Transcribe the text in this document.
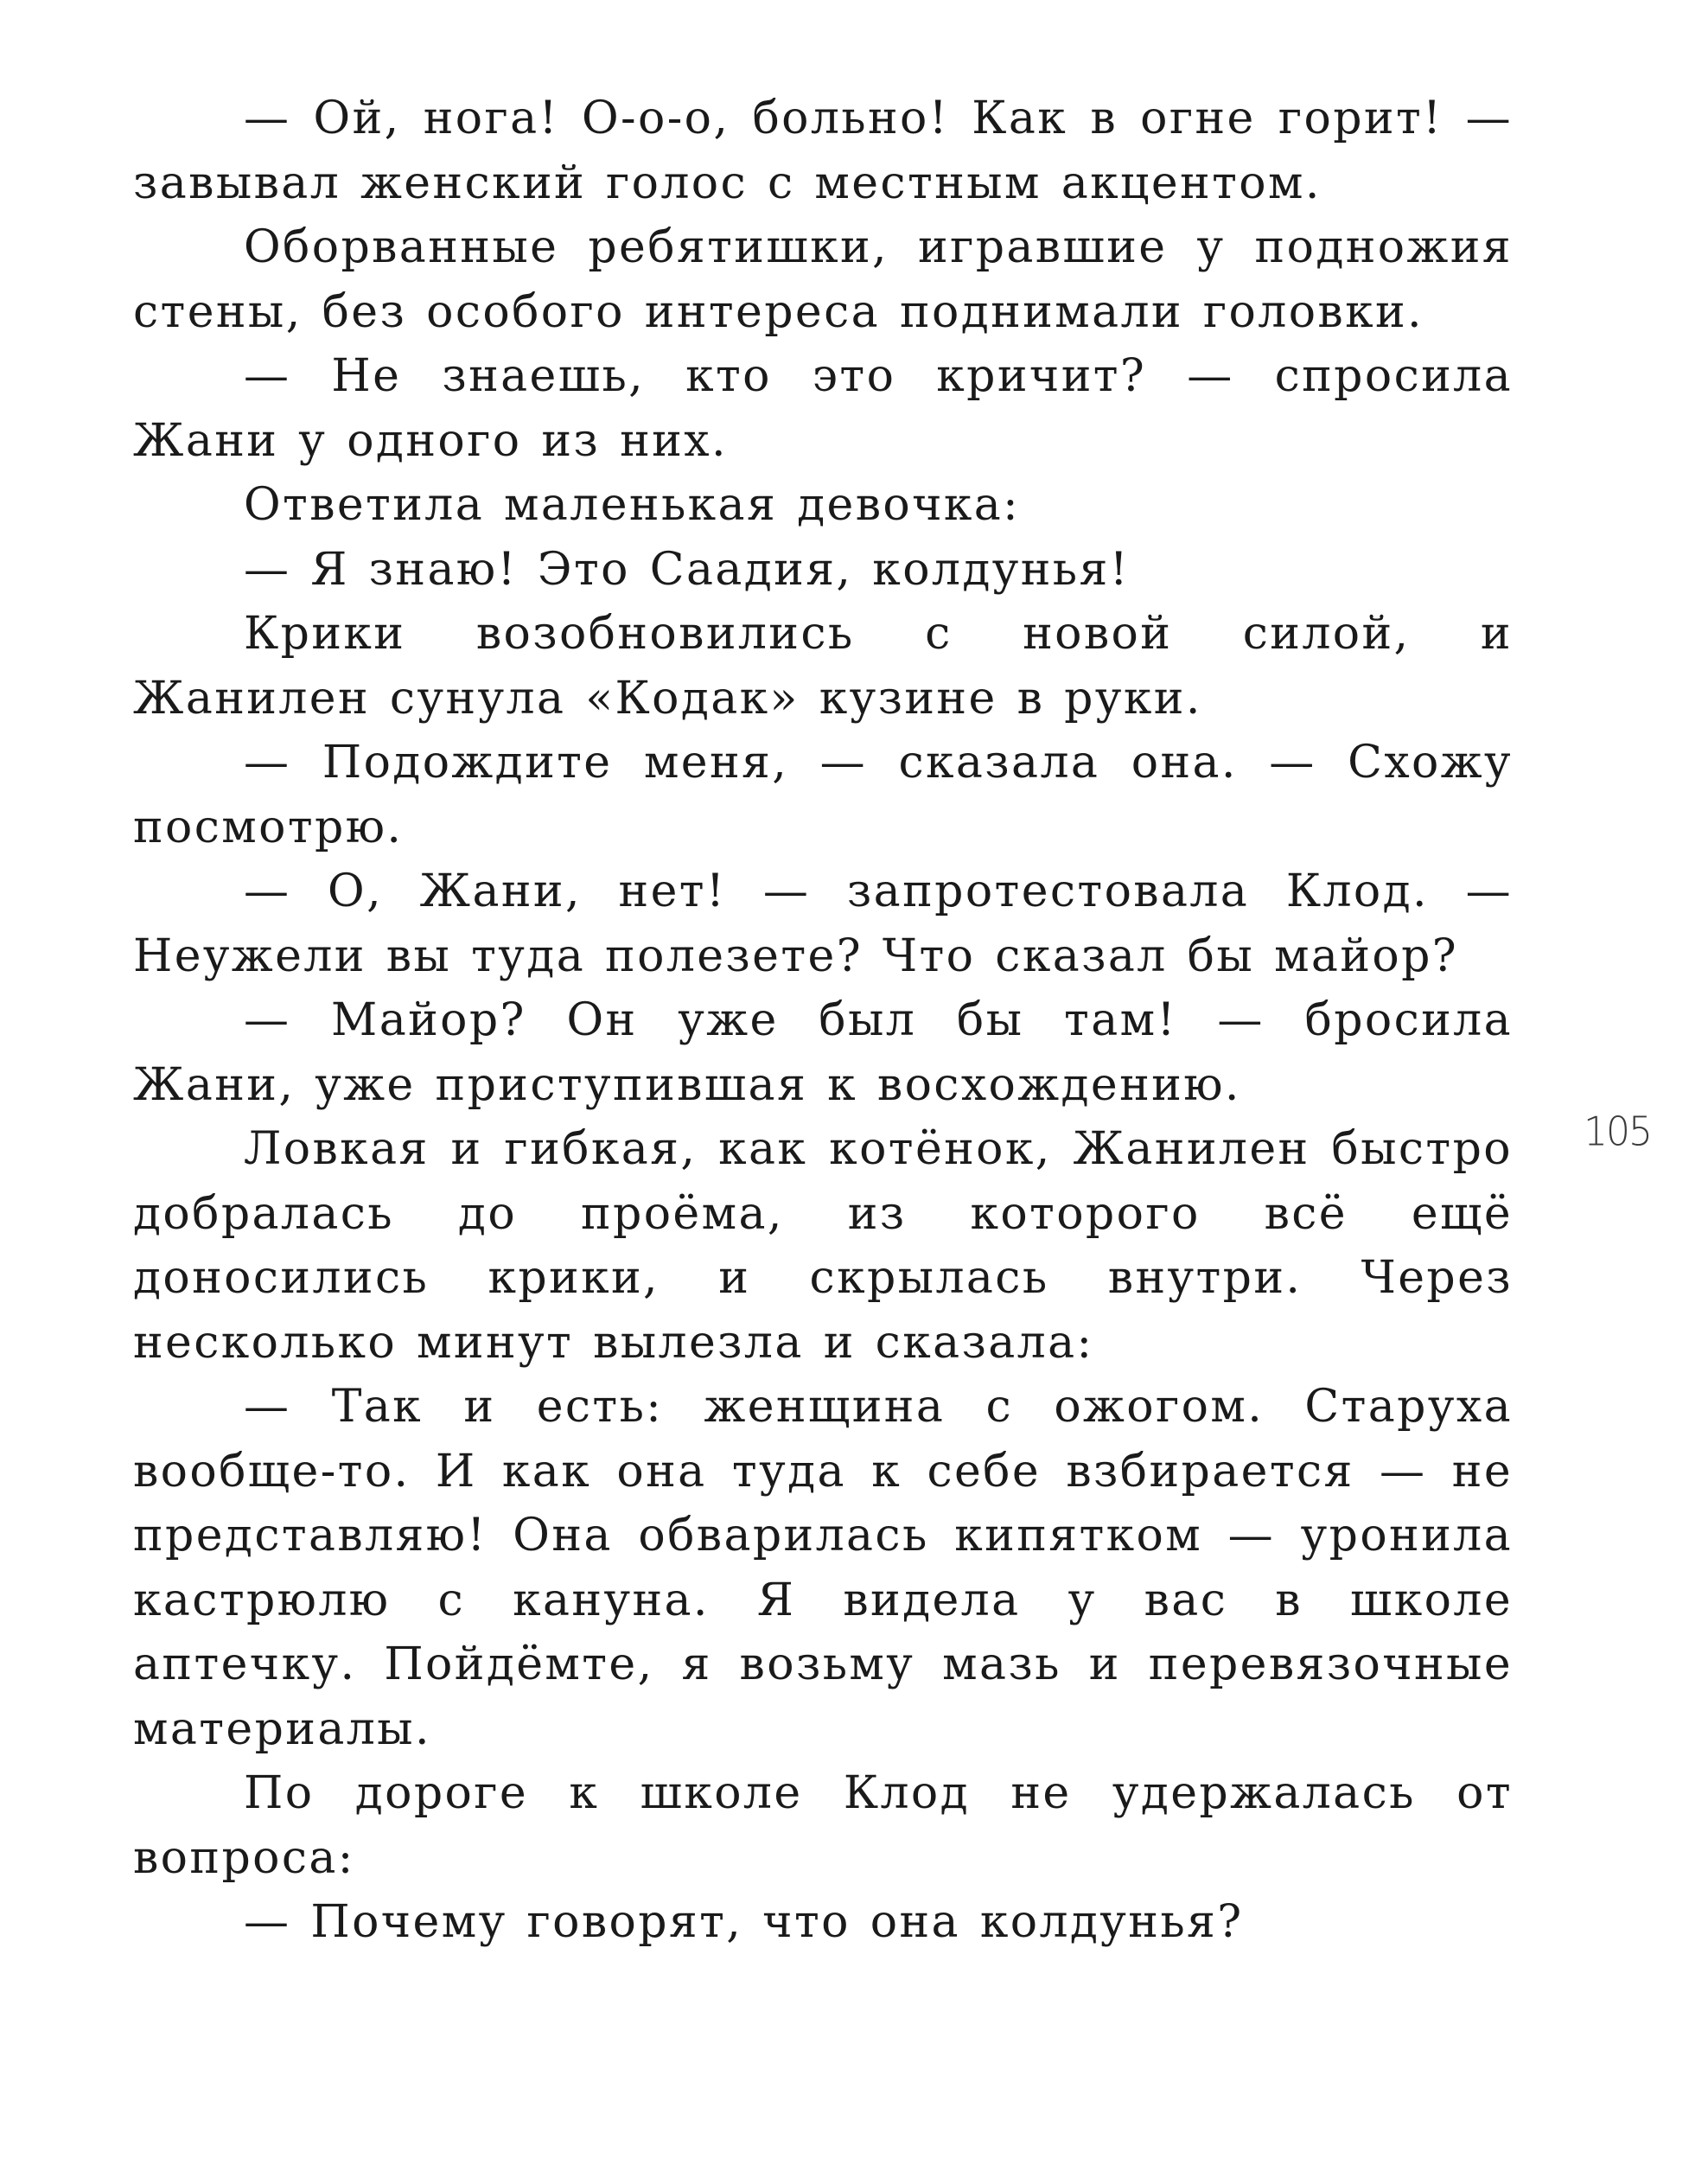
— Ой, нога! О-о-о, больно! Как в огне горит! — завывал женский голос с местным акцентом.

Оборванные ребятишки, игравшие у подножия стены, без особого интереса поднимали головки.

— Не знаешь, кто это кричит? — спросила Жани у одного из них.

Ответила маленькая девочка:

— Я знаю! Это Саадия, колдунья!

Крики возобновились с новой силой, и Жанилен сунула «Кодак» кузине в руки.

— Подождите меня, — сказала она. — Схожу посмотрю.

— О, Жани, нет! — запротестовала Клод. — Неужели вы туда полезете? Что сказал бы майор?

— Майор? Он уже был бы там! — бросила Жани, уже приступившая к восхождению.

Ловкая и гибкая, как котёнок, Жанилен быстро добралась до проёма, из которого всё ещё доносились крики, и скрылась внутри. Через несколько минут вылезла и сказала:

— Так и есть: женщина с ожогом. Старуха вообще-то. И как она туда к себе взбирается — не представляю! Она обварилась кипятком — уронила кастрюлю с кануна. Я видела у вас в школе аптечку. Пойдёмте, я возьму мазь и перевязочные материалы.

По дороге к школе Клод не удержалась от вопроса:

— Почему говорят, что она колдунья?

105
